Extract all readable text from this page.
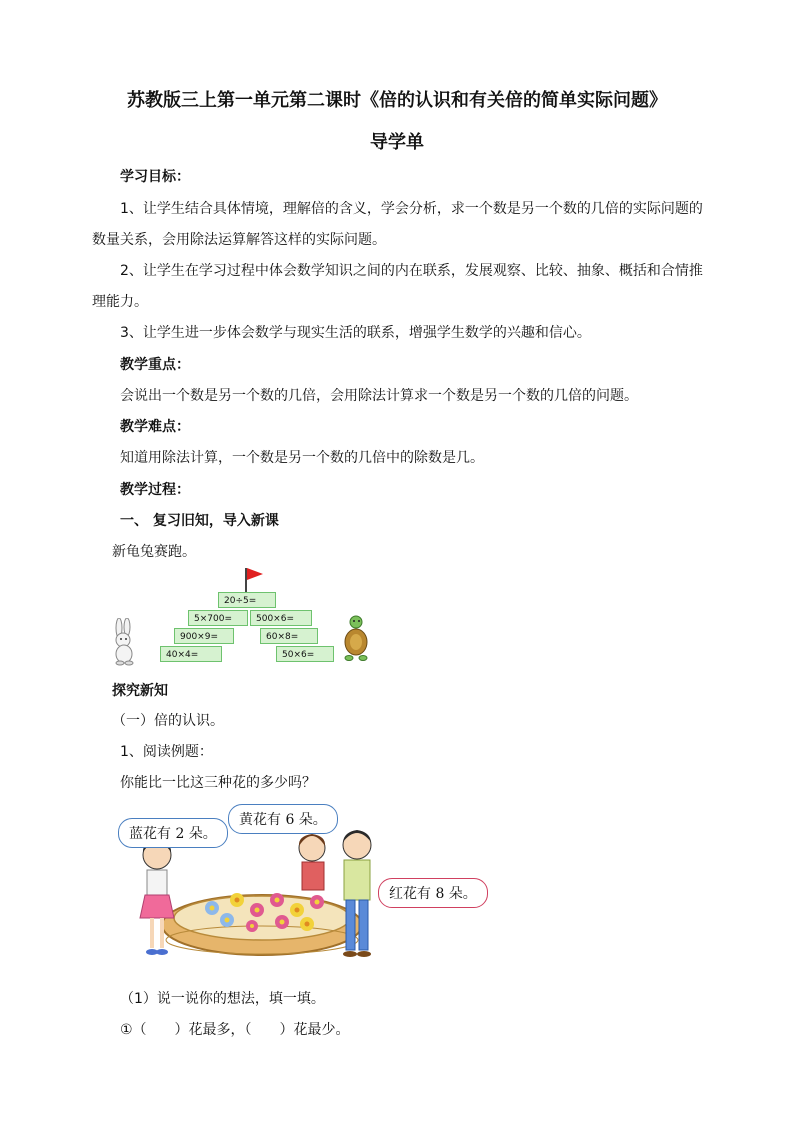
苏教版三上第一单元第二课时《倍的认识和有关倍的简单实际问题》
导学单
学习目标：
1、让学生结合具体情境，理解倍的含义，学会分析，求一个数是另一个数的几倍的实际问题的
数量关系，会用除法运算解答这样的实际问题。
2、让学生在学习过程中体会数学知识之间的内在联系，发展观察、比较、抽象、概括和合情推
理能力。
3、让学生进一步体会数学与现实生活的联系，增强学生数学的兴趣和信心。
教学重点：
会说出一个数是另一个数的几倍，会用除法计算求一个数是另一个数的几倍的问题。
教学难点：
知道用除法计算，一个数是另一个数的几倍中的除数是几。
教学过程：
一、 复习旧知，导入新课
新龟兔赛跑。
20÷5=
5×700=	500×6=
900×9=	60×8=
40×4=	50×6=
探究新知
（一）倍的认识。
1、阅读例题：
你能比一比这三种花的多少吗？
蓝花有 2 朵。
黄花有 6 朵。
红花有 8 朵。
（1）说一说你的想法，填一填。
①（　　）花最多，（　　）花最少。
